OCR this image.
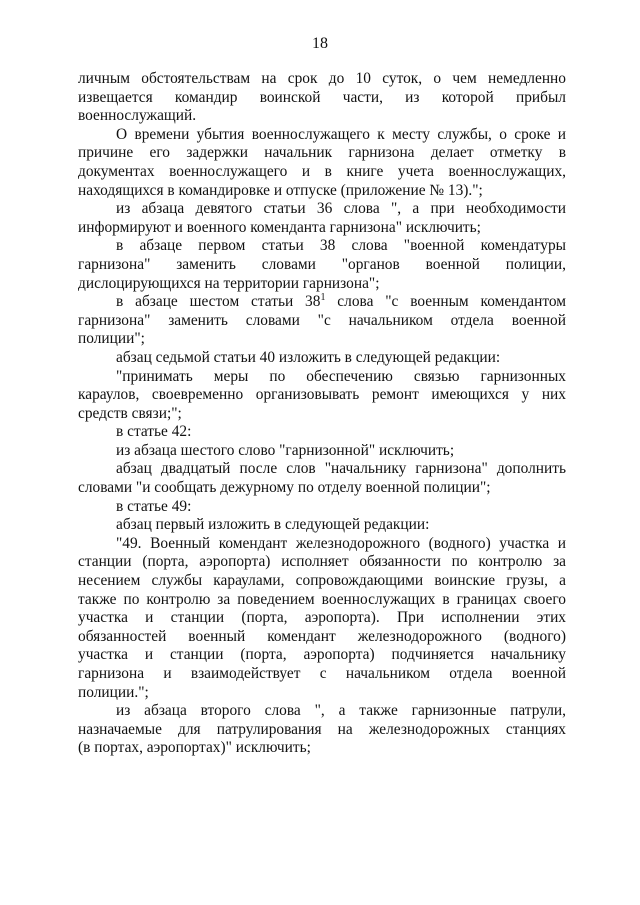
18

личным обстоятельствам на срок до 10 суток, о чем немедленно
извещается командир воинской части, из которой прибыл
военнослужащий.

О времени убытия военнослужащего к месту службы, о сроке и
причине его задержки начальник гарнизона делает отметку в
документах военнослужащего и в книге учета военнослужащих,
находящихся в командировке и отпуске (приложение № 13).";

из абзаца девятого статьи 36 слова ", а при необходимости
информируют и военного коменданта гарнизона" исключить;

в абзаце первом статьи 38 слова "военной комендатуры
гарнизона" заменить словами "органов военной полиции,
дислоцирующихся на территории гарнизона";

в абзаце шестом статьи $38^1$ слова "с военным комендантом
гарнизона" заменить словами "с начальником отдела военной
полиции";

абзац седьмой статьи 40 изложить в следующей редакции:

"принимать меры по обеспечению связью гарнизонных
караулов, своевременно организовывать ремонт имеющихся у них
средств связи;";

в статье 42:

из абзаца шестого слово "гарнизонной" исключить;

абзац двадцатый после слов "начальнику гарнизона" дополнить
словами "и сообщать дежурному по отделу военной полиции";

в статье 49:

абзац первый изложить в следующей редакции:

"49. Военный комендант железнодорожного (водного) участка и
станции (порта, аэропорта) исполняет обязанности по контролю за
несением службы караулами, сопровождающими воинские грузы, а
также по контролю за поведением военнослужащих в границах своего
участка и станции (порта, аэропорта). При исполнении этих
обязанностей военный комендант железнодорожного (водного)
участка и станции (порта, аэропорта) подчиняется начальнику
гарнизона и взаимодействует с начальником отдела военной
полиции.";

из абзаца второго слова ", а также гарнизонные патрули,
назначаемые для патрулирования на железнодорожных станциях
(в портах, аэропортах)" исключить;
